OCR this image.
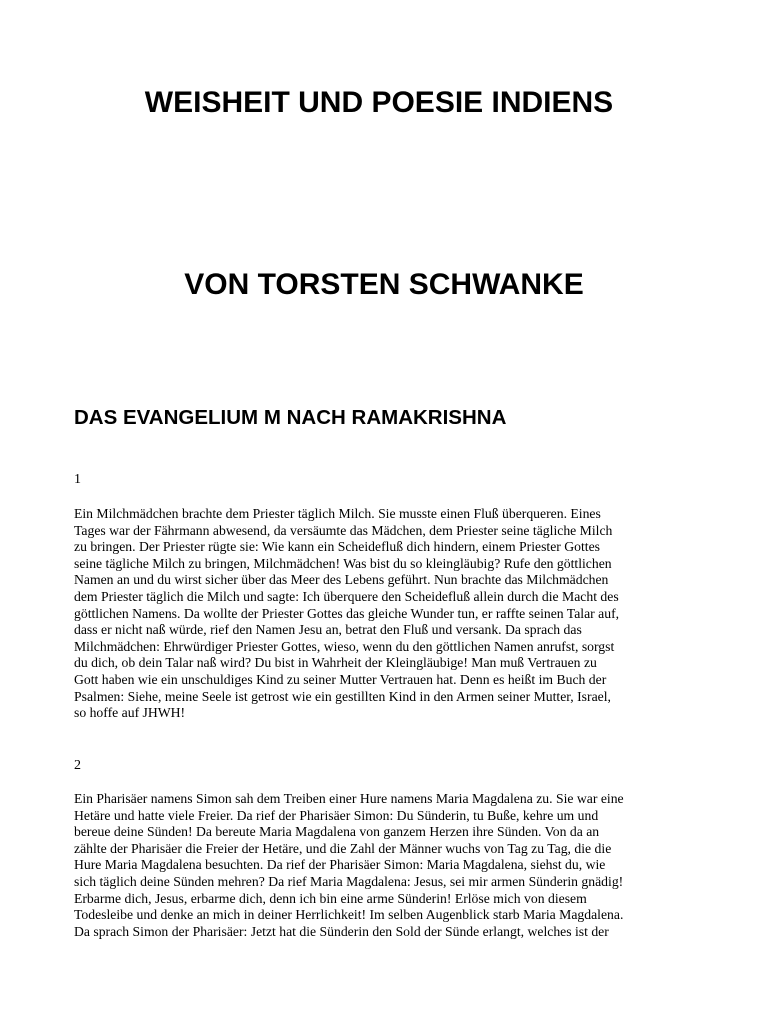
WEISHEIT UND POESIE INDIENS
VON TORSTEN SCHWANKE
DAS EVANGELIUM M NACH RAMAKRISHNA

1

Ein Milchmädchen brachte dem Priester täglich Milch. Sie musste einen Fluß überqueren. Eines
Tages war der Fährmann abwesend, da versäumte das Mädchen, dem Priester seine tägliche Milch
zu bringen. Der Priester rügte sie: Wie kann ein Scheidefluß dich hindern, einem Priester Gottes
seine tägliche Milch zu bringen, Milchmädchen! Was bist du so kleingläubig? Rufe den göttlichen
Namen an und du wirst sicher über das Meer des Lebens geführt. Nun brachte das Milchmädchen
dem Priester täglich die Milch und sagte: Ich überquere den Scheidefluß allein durch die Macht des
göttlichen Namens. Da wollte der Priester Gottes das gleiche Wunder tun, er raffte seinen Talar auf,
dass er nicht naß würde, rief den Namen Jesu an, betrat den Fluß und versank. Da sprach das
Milchmädchen: Ehrwürdiger Priester Gottes, wieso, wenn du den göttlichen Namen anrufst, sorgst
du dich, ob dein Talar naß wird? Du bist in Wahrheit der Kleingläubige! Man muß Vertrauen zu
Gott haben wie ein unschuldiges Kind zu seiner Mutter Vertrauen hat. Denn es heißt im Buch der
Psalmen: Siehe, meine Seele ist getrost wie ein gestillten Kind in den Armen seiner Mutter, Israel,
so hoffe auf JHWH!

2

Ein Pharisäer namens Simon sah dem Treiben einer Hure namens Maria Magdalena zu. Sie war eine
Hetäre und hatte viele Freier. Da rief der Pharisäer Simon: Du Sünderin, tu Buße, kehre um und
bereue deine Sünden! Da bereute Maria Magdalena von ganzem Herzen ihre Sünden. Von da an
zählte der Pharisäer die Freier der Hetäre, und die Zahl der Männer wuchs von Tag zu Tag, die die
Hure Maria Magdalena besuchten. Da rief der Pharisäer Simon: Maria Magdalena, siehst du, wie
sich täglich deine Sünden mehren? Da rief Maria Magdalena: Jesus, sei mir armen Sünderin gnädig!
Erbarme dich, Jesus, erbarme dich, denn ich bin eine arme Sünderin! Erlöse mich von diesem
Todesleibe und denke an mich in deiner Herrlichkeit! Im selben Augenblick starb Maria Magdalena.
Da sprach Simon der Pharisäer: Jetzt hat die Sünderin den Sold der Sünde erlangt, welches ist der
